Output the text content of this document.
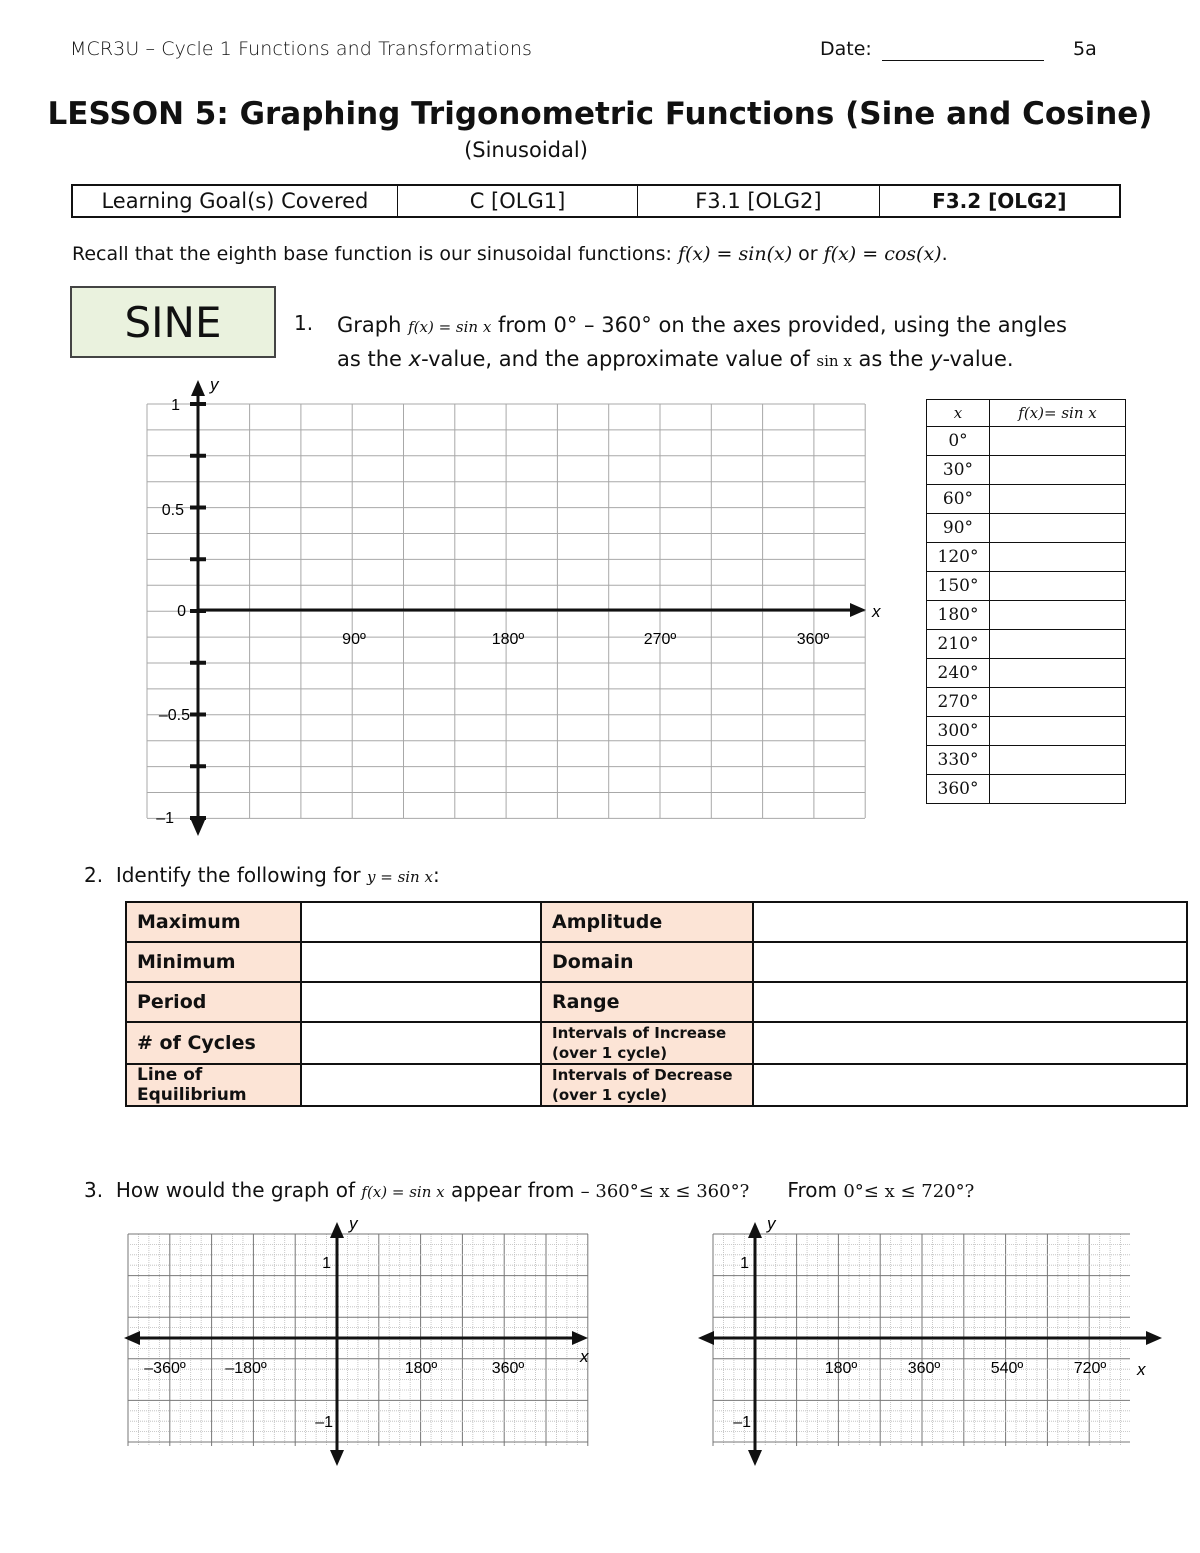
MCR3U – Cycle 1 Functions and Transformations	Date:	5a
LESSON 5: Graphing Trigonometric Functions (Sine and Cosine)
(Sinusoidal)
Learning Goal(s) Covered	C [OLG1]	F3.1 [OLG2]	F3.2 [OLG2]
Recall that the eighth base function is our sinusoidal functions: f(x) = sin(x) or f(x) = cos(x).
SINE	1. Graph f(x) = sin x from 0° – 360° on the axes provided, using the angles
as the x-value, and the approximate value of sin x as the y-value.
y
x
1
0.5
0
–0.5
–1
90º	180º	270º	360º
y
x
1
–1
–360º –180º	180º	360º
y
x
1
–1
180º	360º	540º	720º
x	f(x)= sin x
0°	
30°	
60°	
90°	
120°	
150°	
180°	
210°	
240°	
270°	
300°	
330°	
360°	
2. Identify the following for y = sin x:
Maximum		Amplitude	
Minimum		Domain	
Period		Range	
# of Cycles		Intervals of Increase (over 1 cycle)	
Line of Equilibrium		Intervals of Decrease (over 1 cycle)	
3. How would the graph of f(x) = sin x appear from – 360°≤ x ≤ 360°? From 0°≤ x ≤ 720°?
